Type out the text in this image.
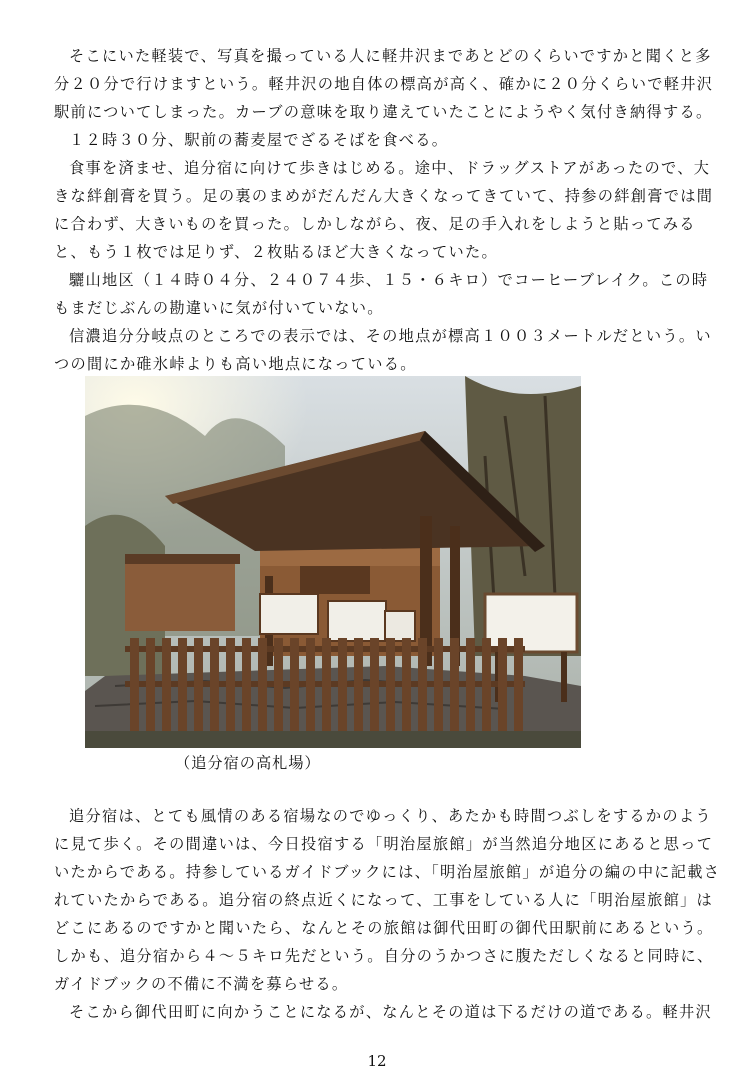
そこにいた軽装で、写真を撮っている人に軽井沢まであとどのくらいですかと聞くと多
分２０分で行けますという。軽井沢の地自体の標高が高く、確かに２０分くらいで軽井沢
駅前についてしまった。カーブの意味を取り違えていたことにようやく気付き納得する。
１２時３０分、駅前の蕎麦屋でざるそばを食べる。
食事を済ませ、追分宿に向けて歩きはじめる。途中、ドラッグストアがあったので、大
きな絆創膏を買う。足の裏のまめがだんだん大きくなってきていて、持参の絆創膏では間
に合わず、大きいものを買った。しかしながら、夜、足の手入れをしようと貼ってみる
と、もう１枚では足りず、２枚貼るほど大きくなっていた。
驪山地区（１４時０４分、２４０７４歩、１５・６キロ）でコーヒーブレイク。この時
もまだじぶんの勘違いに気が付いていない。
信濃追分分岐点のところでの表示では、その地点が標高１００３メートルだという。い
つの間にか碓氷峠よりも高い地点になっている。
（追分宿の高札場）
追分宿は、とても風情のある宿場なのでゆっくり、あたかも時間つぶしをするかのよう
に見て歩く。その間違いは、今日投宿する「明治屋旅館」が当然追分地区にあると思って
いたからである。持参しているガイドブックには、「明治屋旅館」が追分の編の中に記載さ
れていたからである。追分宿の終点近くになって、工事をしている人に「明治屋旅館」は
どこにあるのですかと聞いたら、なんとその旅館は御代田町の御代田駅前にあるという。
しかも、追分宿から４～５キロ先だという。自分のうかつさに腹ただしくなると同時に、
ガイドブックの不備に不満を募らせる。
そこから御代田町に向かうことになるが、なんとその道は下るだけの道である。軽井沢
12
